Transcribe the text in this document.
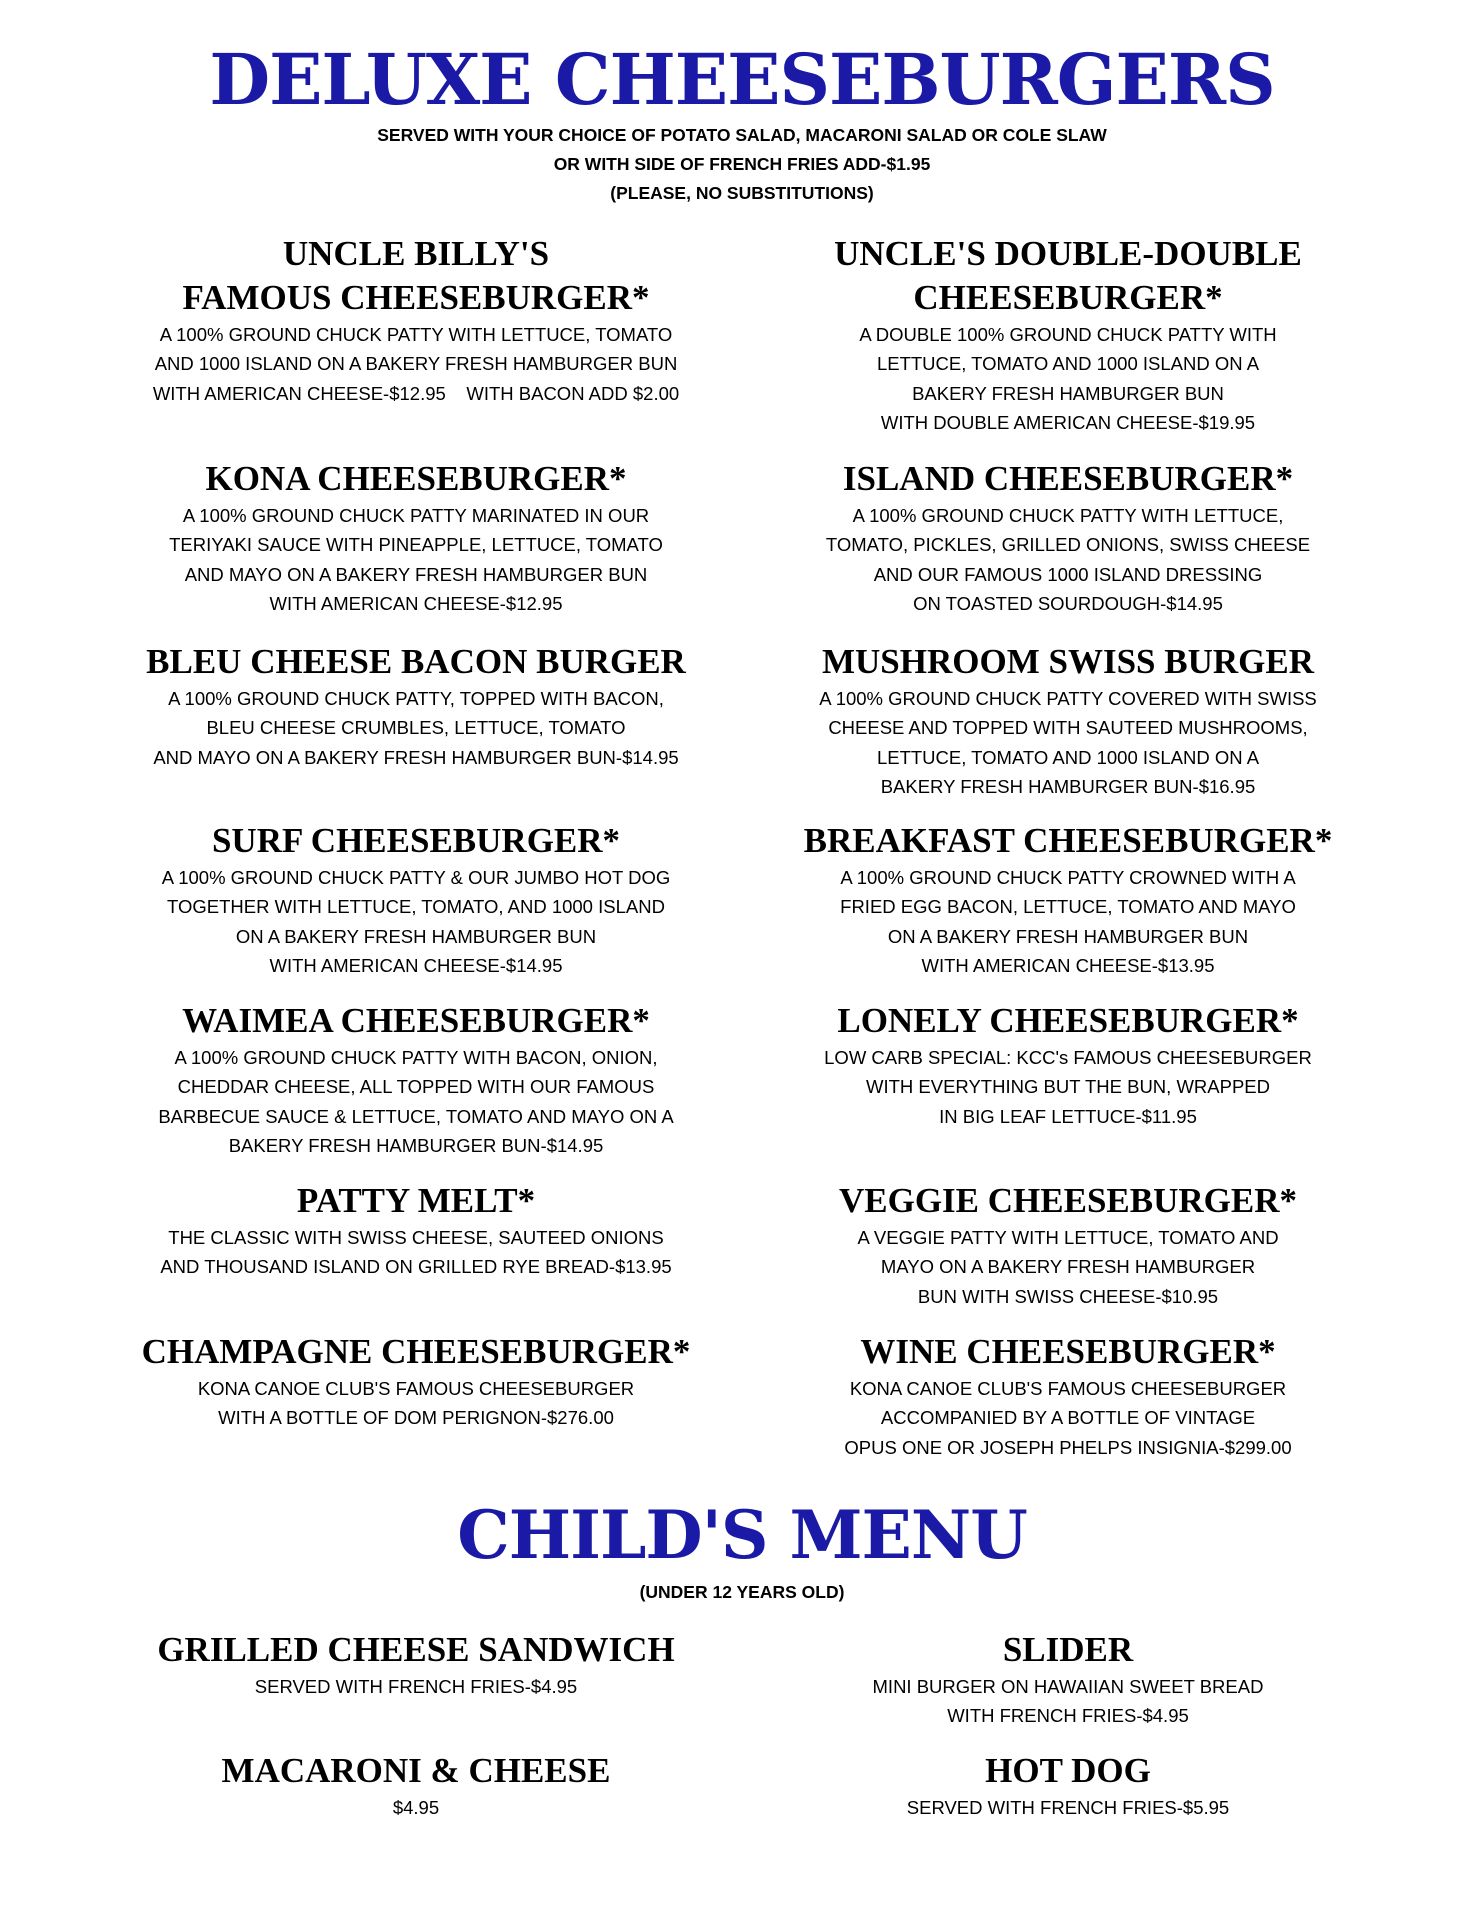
DELUXE CHEESEBURGERS
SERVED WITH YOUR CHOICE OF POTATO SALAD, MACARONI SALAD OR COLE SLAW
OR WITH SIDE OF FRENCH FRIES ADD-$1.95
(PLEASE, NO SUBSTITUTIONS)
UNCLE BILLY'S
FAMOUS CHEESEBURGER*
A 100% GROUND CHUCK PATTY WITH LETTUCE, TOMATO
AND 1000 ISLAND ON A BAKERY FRESH HAMBURGER BUN
WITH AMERICAN CHEESE-$12.95    WITH BACON ADD $2.00
UNCLE'S DOUBLE-DOUBLE
CHEESEBURGER*
A DOUBLE 100% GROUND CHUCK PATTY WITH
LETTUCE, TOMATO AND 1000 ISLAND ON A
BAKERY FRESH HAMBURGER BUN
WITH DOUBLE AMERICAN CHEESE-$19.95
KONA CHEESEBURGER*
A 100% GROUND CHUCK PATTY MARINATED IN OUR
TERIYAKI SAUCE WITH PINEAPPLE, LETTUCE, TOMATO
AND MAYO ON A BAKERY FRESH HAMBURGER BUN
WITH AMERICAN CHEESE-$12.95
ISLAND CHEESEBURGER*
A 100% GROUND CHUCK PATTY WITH LETTUCE,
TOMATO, PICKLES, GRILLED ONIONS, SWISS CHEESE
AND OUR FAMOUS 1000 ISLAND DRESSING
ON TOASTED SOURDOUGH-$14.95
BLEU CHEESE BACON BURGER
A 100% GROUND CHUCK PATTY, TOPPED WITH BACON,
BLEU CHEESE CRUMBLES, LETTUCE, TOMATO
AND MAYO ON A BAKERY FRESH HAMBURGER BUN-$14.95
MUSHROOM SWISS BURGER
A 100% GROUND CHUCK PATTY COVERED WITH SWISS
CHEESE AND TOPPED WITH SAUTEED MUSHROOMS,
LETTUCE, TOMATO AND 1000 ISLAND ON A
BAKERY FRESH HAMBURGER BUN-$16.95
SURF CHEESEBURGER*
A 100% GROUND CHUCK PATTY & OUR JUMBO HOT DOG
TOGETHER WITH LETTUCE, TOMATO, AND 1000 ISLAND
ON A BAKERY FRESH HAMBURGER BUN
WITH AMERICAN CHEESE-$14.95
BREAKFAST CHEESEBURGER*
A 100% GROUND CHUCK PATTY CROWNED WITH A
FRIED EGG BACON, LETTUCE, TOMATO AND MAYO
ON A BAKERY FRESH HAMBURGER BUN
WITH AMERICAN CHEESE-$13.95
WAIMEA CHEESEBURGER*
A 100% GROUND CHUCK PATTY WITH BACON, ONION,
CHEDDAR CHEESE, ALL TOPPED WITH OUR FAMOUS
BARBECUE SAUCE & LETTUCE, TOMATO AND MAYO ON A
BAKERY FRESH HAMBURGER BUN-$14.95
LONELY CHEESEBURGER*
LOW CARB SPECIAL: KCC's FAMOUS CHEESEBURGER
WITH EVERYTHING BUT THE BUN, WRAPPED
IN BIG LEAF LETTUCE-$11.95
PATTY MELT*
THE CLASSIC WITH SWISS CHEESE, SAUTEED ONIONS
AND THOUSAND ISLAND ON GRILLED RYE BREAD-$13.95
VEGGIE CHEESEBURGER*
A VEGGIE PATTY WITH LETTUCE, TOMATO AND
MAYO ON A BAKERY FRESH HAMBURGER
BUN WITH SWISS CHEESE-$10.95
CHAMPAGNE CHEESEBURGER*
KONA CANOE CLUB'S FAMOUS CHEESEBURGER
WITH A BOTTLE OF DOM PERIGNON-$276.00
WINE CHEESEBURGER*
KONA CANOE CLUB'S FAMOUS CHEESEBURGER
ACCOMPANIED BY A BOTTLE OF VINTAGE
OPUS ONE OR JOSEPH PHELPS INSIGNIA-$299.00
CHILD'S MENU
(UNDER 12 YEARS OLD)
GRILLED CHEESE SANDWICH
SERVED WITH FRENCH FRIES-$4.95
SLIDER
MINI BURGER ON HAWAIIAN SWEET BREAD
WITH FRENCH FRIES-$4.95
MACARONI & CHEESE
$4.95
HOT DOG
SERVED WITH FRENCH FRIES-$5.95
